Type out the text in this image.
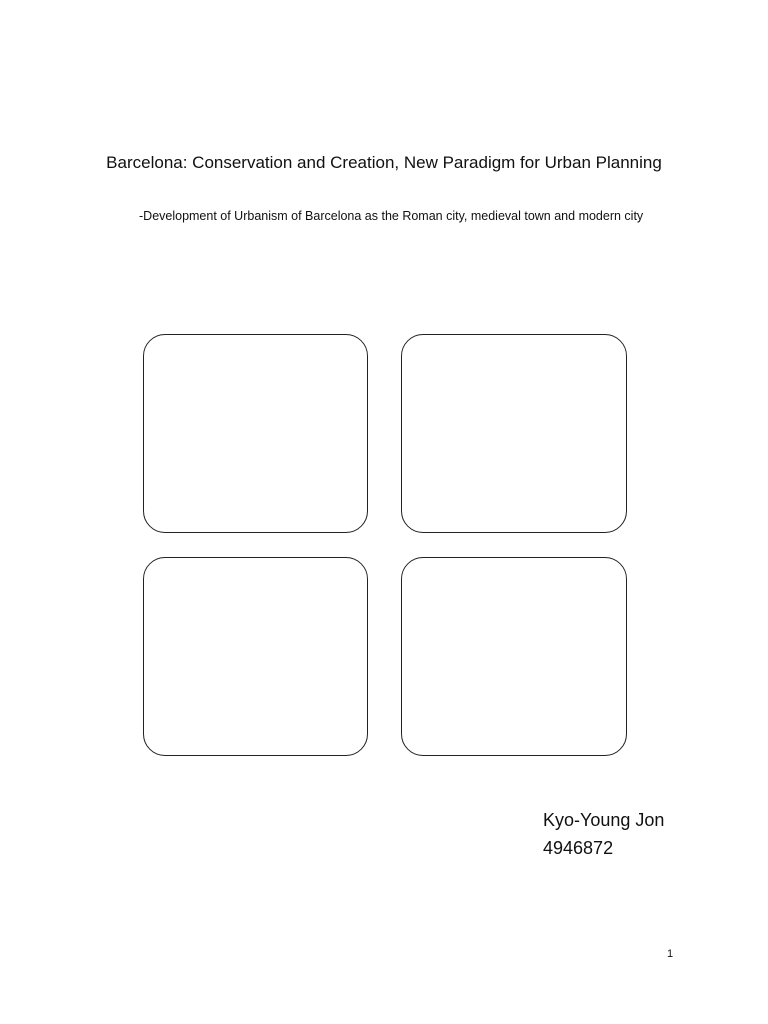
Barcelona: Conservation and Creation, New Paradigm for Urban Planning
-Development of Urbanism of Barcelona as the Roman city, medieval town and modern city
Kyo-Young Jon
4946872
1
